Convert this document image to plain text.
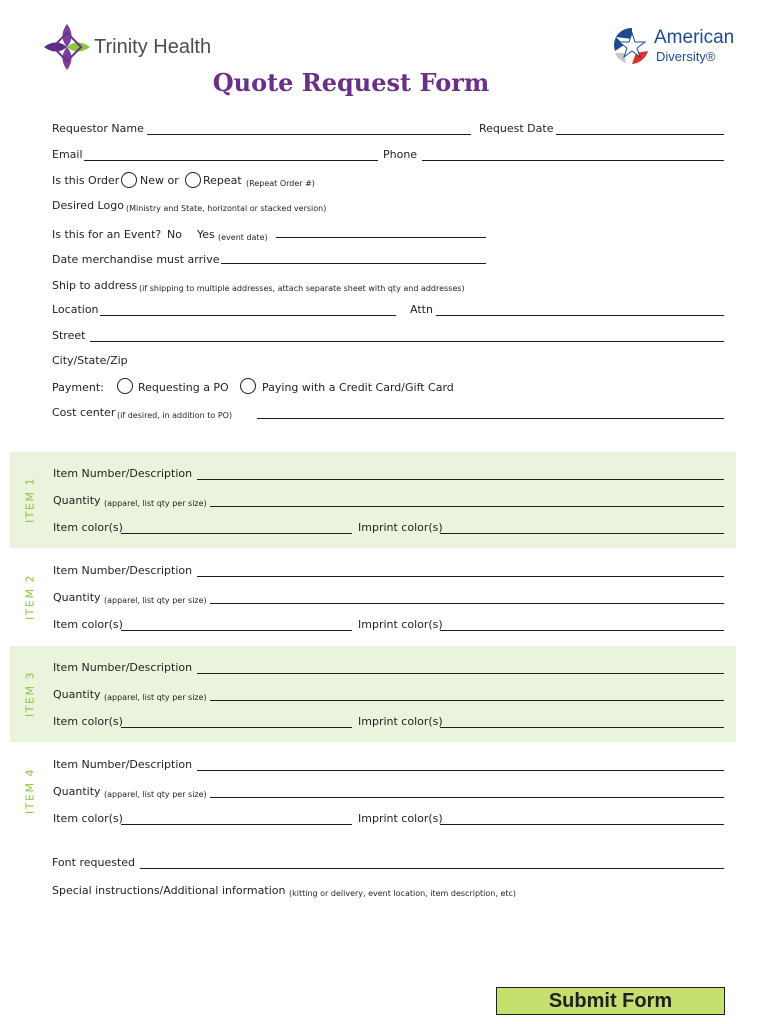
Trinity Health	American
Diversity®
Quote Request Form
Requestor Name	Request Date
Email	Phone
Is this Order New or Repeat (Repeat Order #)
Desired Logo (Ministry and State, horizontal or stacked version)
Is this for an Event? No Yes (event date)
Date merchandise must arrive
Ship to address (if shipping to multiple addresses, attach separate sheet with qty and addresses)
Location	Attn
Street
City/State/Zip
Payment:	Requesting a PO	Paying with a Credit Card/Gift Card
Cost center (if desired, in addition to PO)
ITEM 1
ITEM 2
ITEM 3
ITEM 4
Item Number/Description
Quantity (apparel, list qty per size)
Item color(s)	Imprint color(s)
Item Number/Description
Quantity (apparel, list qty per size)
Item color(s)	Imprint color(s)
Item Number/Description
Quantity (apparel, list qty per size)
Item color(s)	Imprint color(s)
Item Number/Description
Quantity (apparel, list qty per size)
Item color(s)	Imprint color(s)
Font requested
Special instructions/Additional information (kitting or delivery, event location, item description, etc)
Submit Form
